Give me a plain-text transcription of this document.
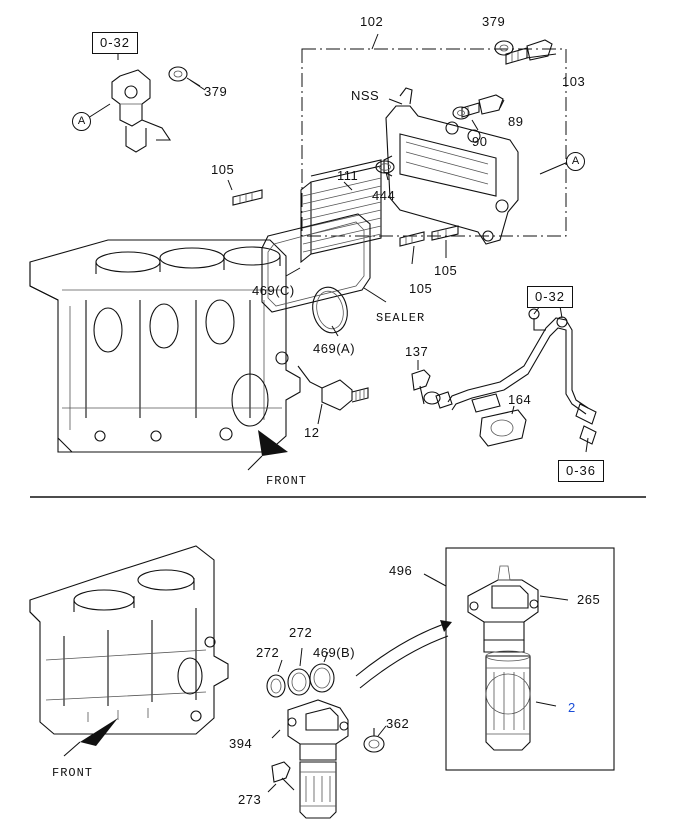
0-32
0-32
0-36
A
A
102	379
103
379	NSS
89
90
105	111
444
105
105
469(C)
SEALER
469(A)
12
137
164
FRONT
496
265
272
272	469(B)
394
362
273
2
FRONT
